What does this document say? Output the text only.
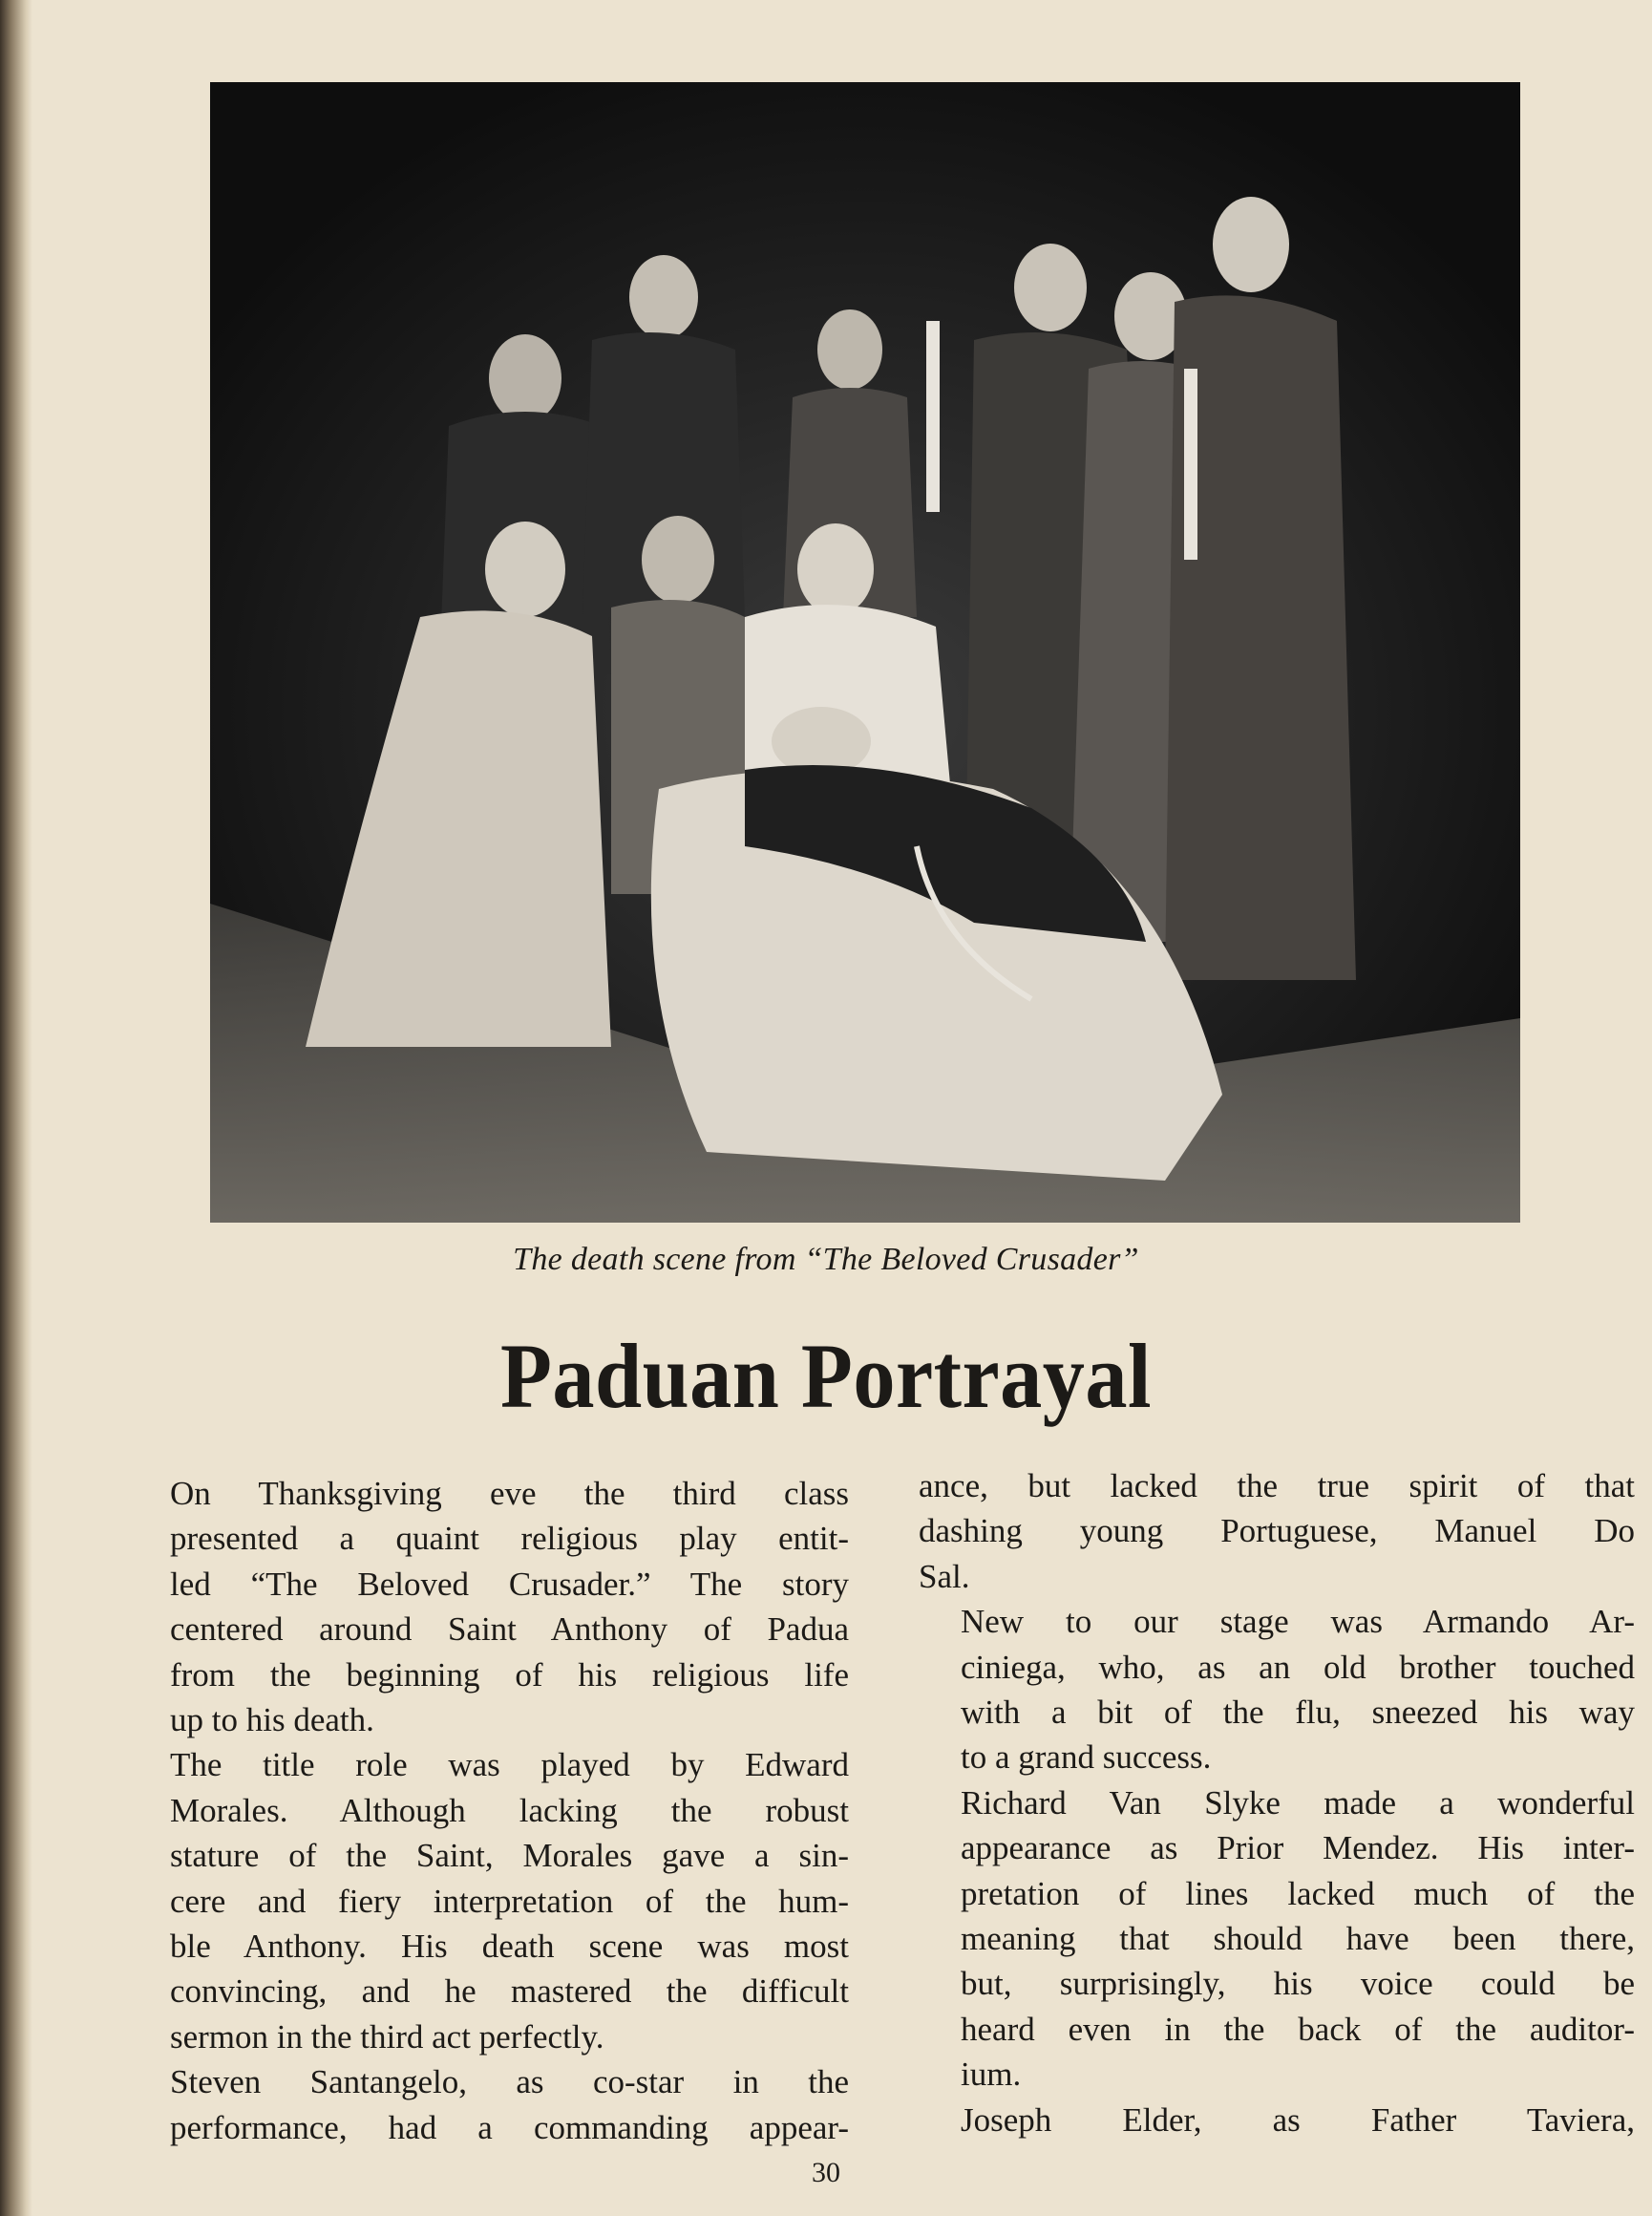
The death scene from “The Beloved Crusader”
Paduan Portrayal

On Thanksgiving eve the third class
presented a quaint religious play entit-
led “The Beloved Crusader.” The story
centered around Saint Anthony of Padua
from the beginning of his religious life
up to his death.

The title role was played by Edward
Morales. Although lacking the robust
stature of the Saint, Morales gave a sin-
cere and fiery interpretation of the hum-
ble Anthony. His death scene was most
convincing, and he mastered the difficult
sermon in the third act perfectly.

Steven Santangelo, as co-star in the
performance, had a commanding appear-

ance, but lacked the true spirit of that
dashing young Portuguese, Manuel Do
Sal.

New to our stage was Armando Ar-
ciniega, who, as an old brother touched
with a bit of the flu, sneezed his way
to a grand success.

Richard Van Slyke made a wonderful
appearance as Prior Mendez. His inter-
pretation of lines lacked much of the
meaning that should have been there,
but, surprisingly, his voice could be
heard even in the back of the auditor-
ium.

Joseph Elder, as Father Taviera,

30
